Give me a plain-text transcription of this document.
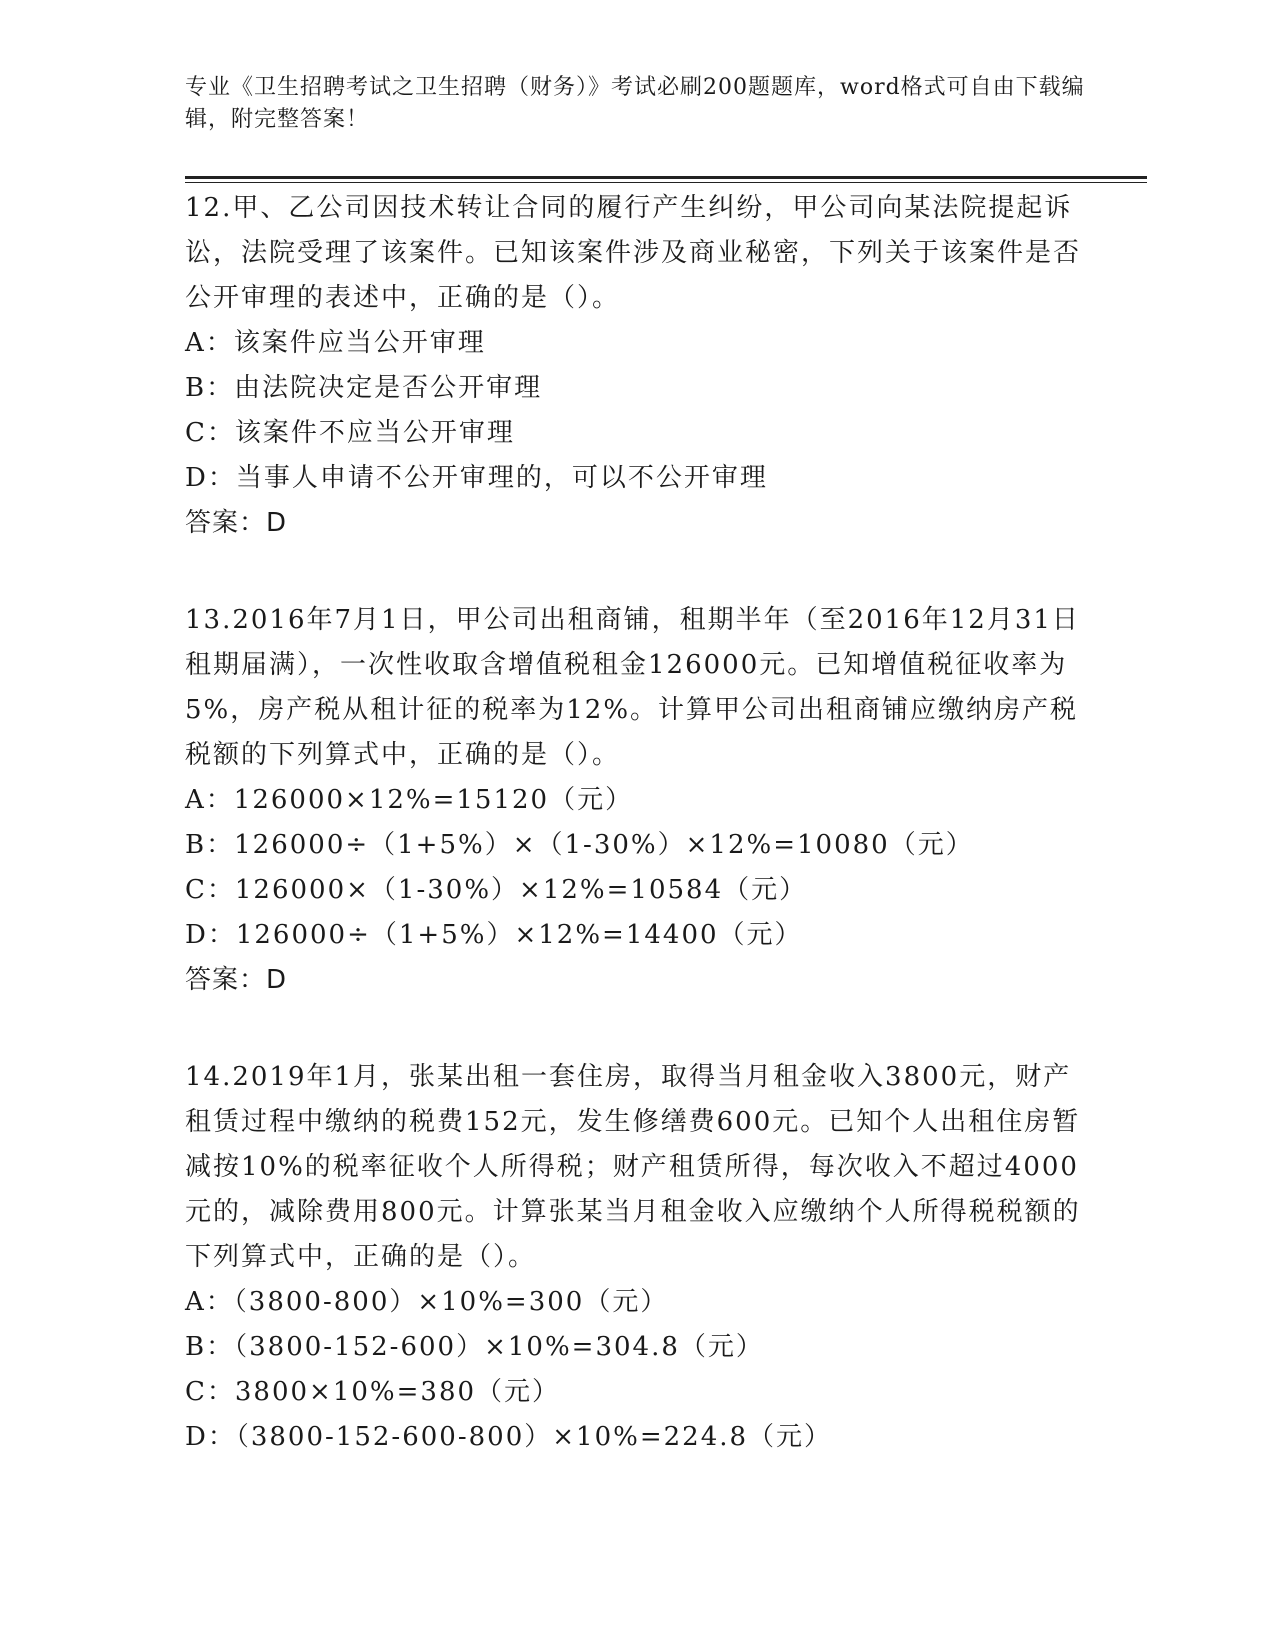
专业《卫生招聘考试之卫生招聘（财务）》考试必刷200题题库，word格式可自由下载编辑，附完整答案！
12.甲、乙公司因技术转让合同的履行产生纠纷，甲公司向某法院提起诉讼，法院受理了该案件。已知该案件涉及商业秘密，下列关于该案件是否公开审理的表述中，正确的是（）。
A：该案件应当公开审理
B：由法院决定是否公开审理
C：该案件不应当公开审理
D：当事人申请不公开审理的，可以不公开审理
答案：D
13.2016年7月1日，甲公司出租商铺，租期半年（至2016年12月31日租期届满），一次性收取含增值税租金126000元。已知增值税征收率为5%，房产税从租计征的税率为12%。计算甲公司出租商铺应缴纳房产税税额的下列算式中，正确的是（）。
A：126000×12%=15120（元）
B：126000÷（1+5%）×（1-30%）×12%=10080（元）
C：126000×（1-30%）×12%=10584（元）
D：126000÷（1+5%）×12%=14400（元）
答案：D
14.2019年1月，张某出租一套住房，取得当月租金收入3800元，财产租赁过程中缴纳的税费152元，发生修缮费600元。已知个人出租住房暂减按10%的税率征收个人所得税；财产租赁所得，每次收入不超过4000元的，减除费用800元。计算张某当月租金收入应缴纳个人所得税税额的下列算式中，正确的是（）。
A：（3800-800）×10%=300（元）
B：（3800-152-600）×10%=304.8（元）
C：3800×10%=380（元）
D：（3800-152-600-800）×10%=224.8（元）
